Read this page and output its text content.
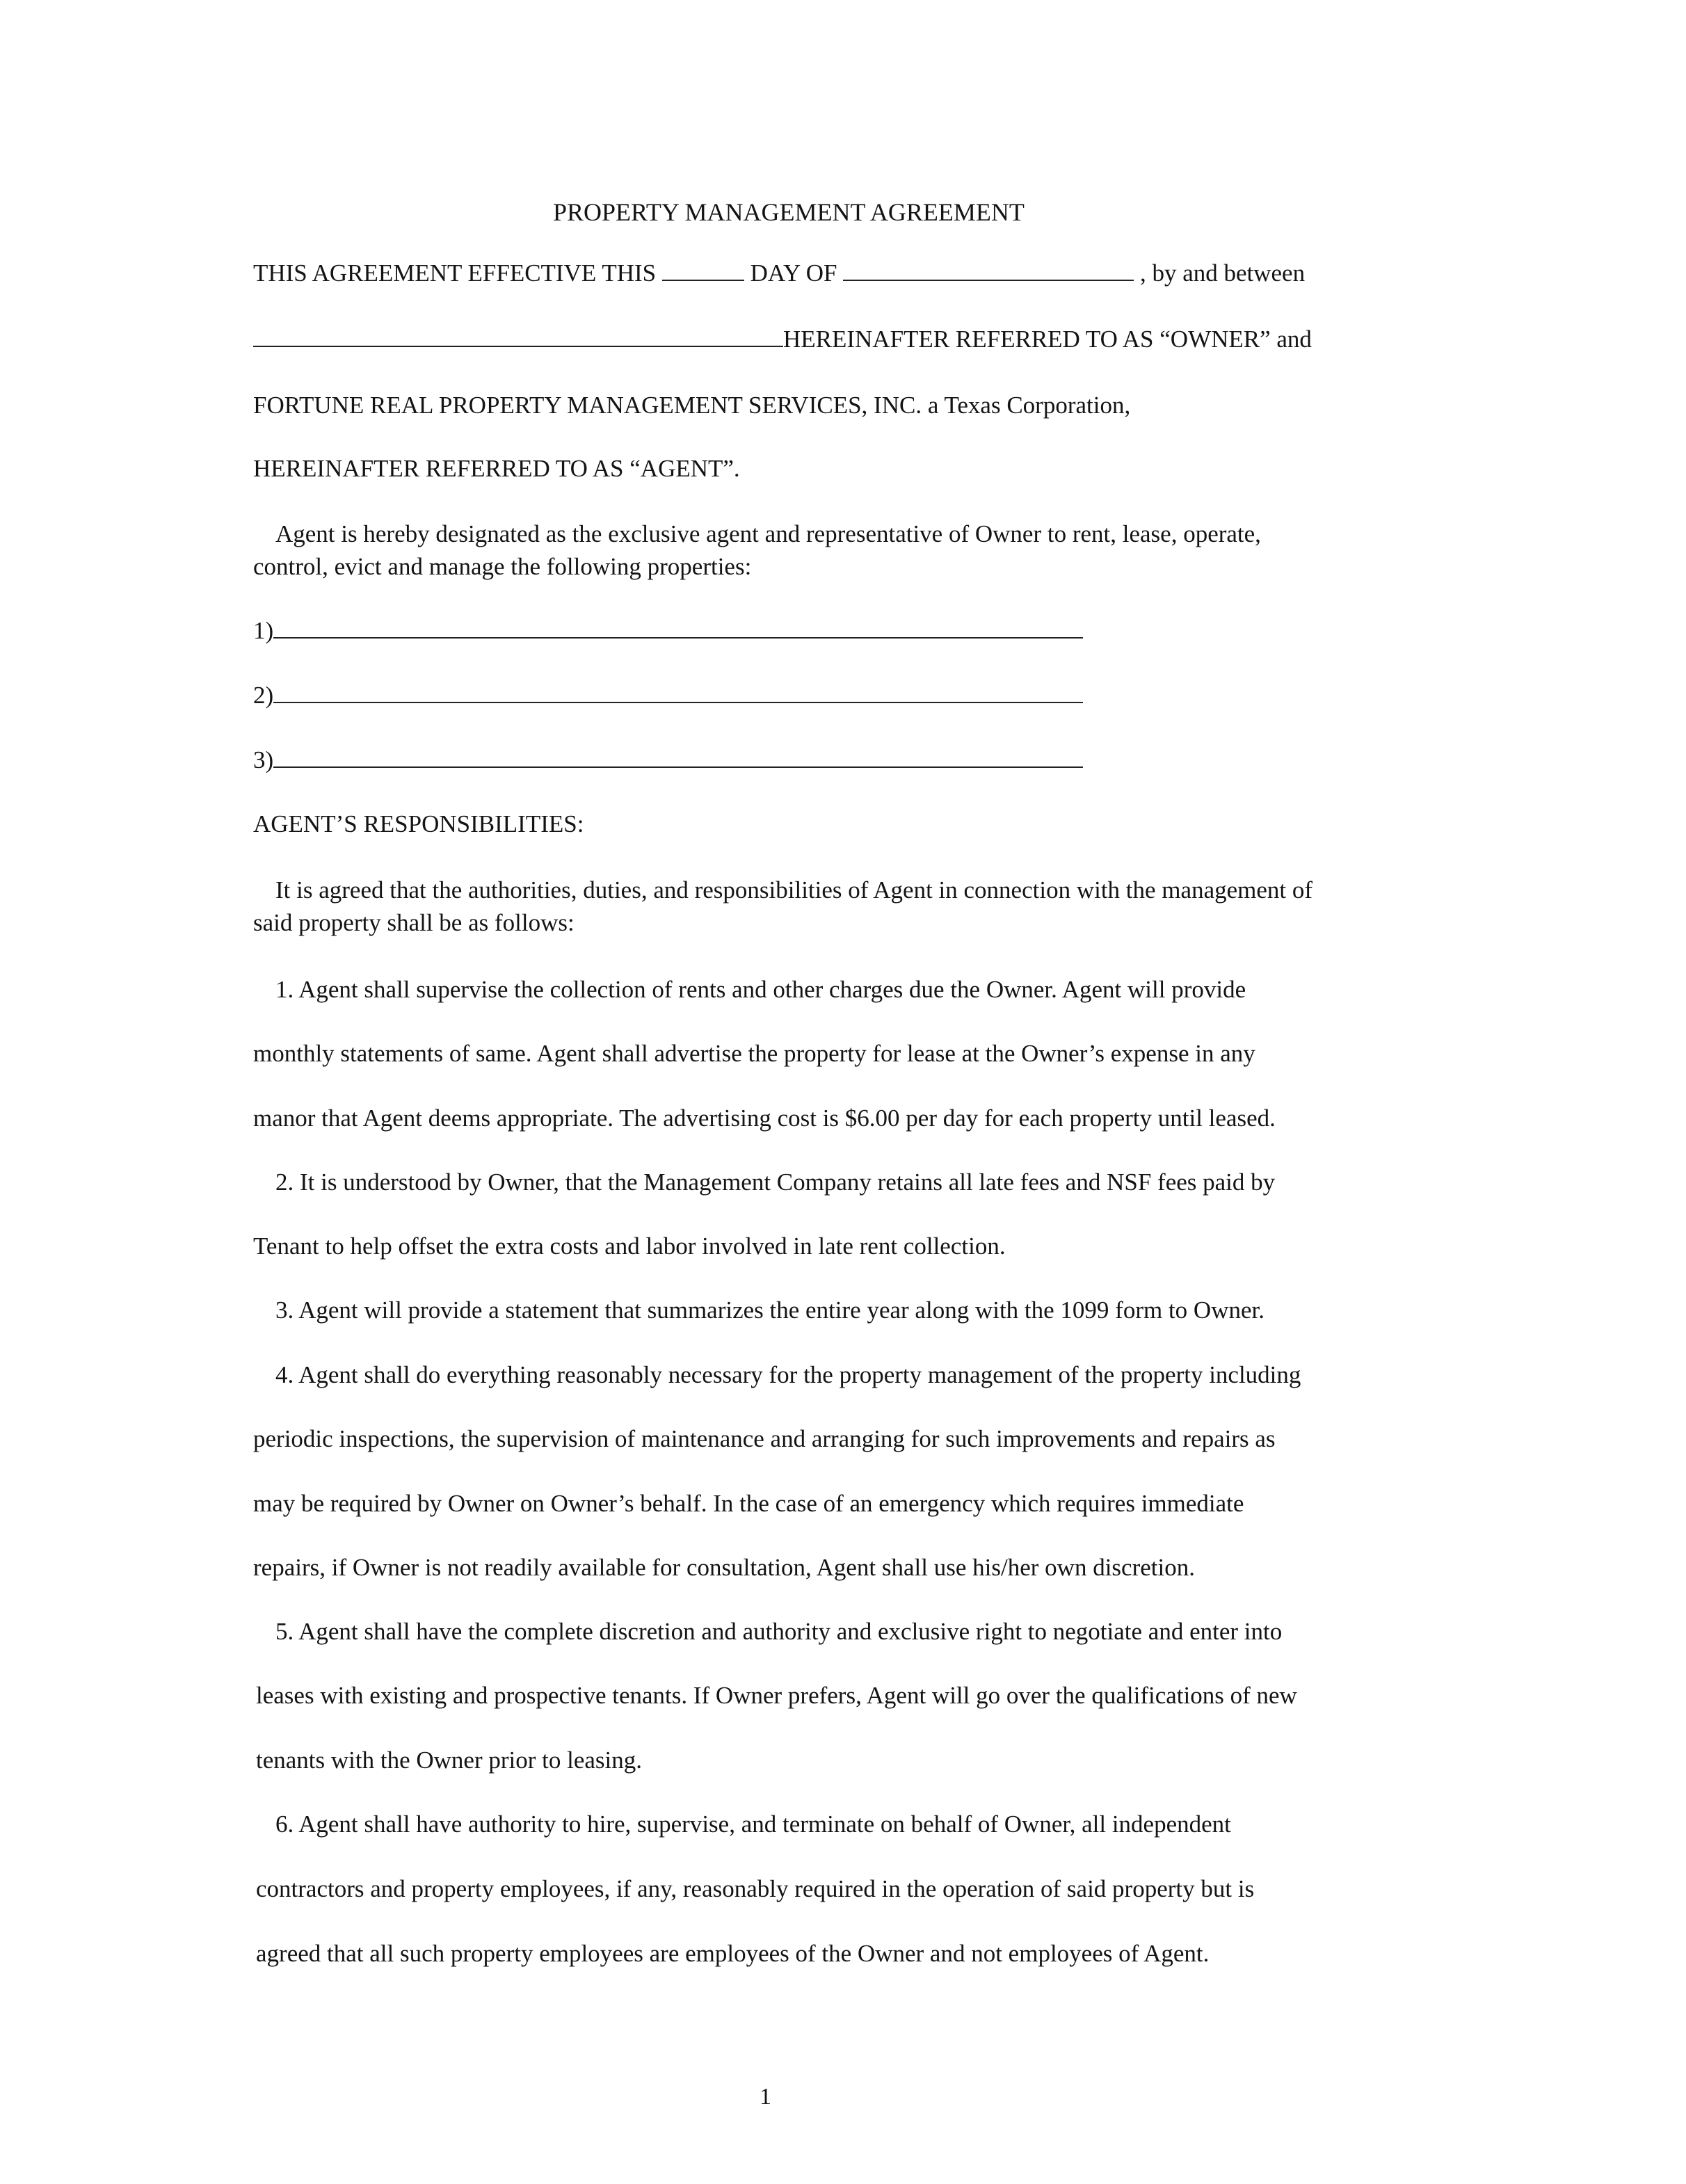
PROPERTY MANAGEMENT AGREEMENT
THIS AGREEMENT EFFECTIVE THIS	DAY OF	, by and between
HEREINAFTER REFERRED TO AS “OWNER” and
FORTUNE REAL PROPERTY MANAGEMENT SERVICES, INC. a Texas Corporation,
HEREINAFTER REFERRED TO AS “AGENT”.
Agent is hereby designated as the exclusive agent and representative of Owner to rent, lease, operate,
control, evict and manage the following properties:
1)
2)
3)
AGENT’S RESPONSIBILITIES:
It is agreed that the authorities, duties, and responsibilities of Agent in connection with the management of
said property shall be as follows:
1. Agent shall supervise the collection of rents and other charges due the Owner. Agent will provide
monthly statements of same. Agent shall advertise the property for lease at the Owner’s expense in any
manor that Agent deems appropriate. The advertising cost is $6.00 per day for each property until leased.
2. It is understood by Owner, that the Management Company retains all late fees and NSF fees paid by
Tenant to help offset the extra costs and labor involved in late rent collection.
3. Agent will provide a statement that summarizes the entire year along with the 1099 form to Owner.
4. Agent shall do everything reasonably necessary for the property management of the property including
periodic inspections, the supervision of maintenance and arranging for such improvements and repairs as
may be required by Owner on Owner’s behalf. In the case of an emergency which requires immediate
repairs, if Owner is not readily available for consultation, Agent shall use his/her own discretion.
5. Agent shall have the complete discretion and authority and exclusive right to negotiate and enter into
leases with existing and prospective tenants. If Owner prefers, Agent will go over the qualifications of new
tenants with the Owner prior to leasing.
6. Agent shall have authority to hire, supervise, and terminate on behalf of Owner, all independent
contractors and property employees, if any, reasonably required in the operation of said property but is
agreed that all such property employees are employees of the Owner and not employees of Agent.
1
